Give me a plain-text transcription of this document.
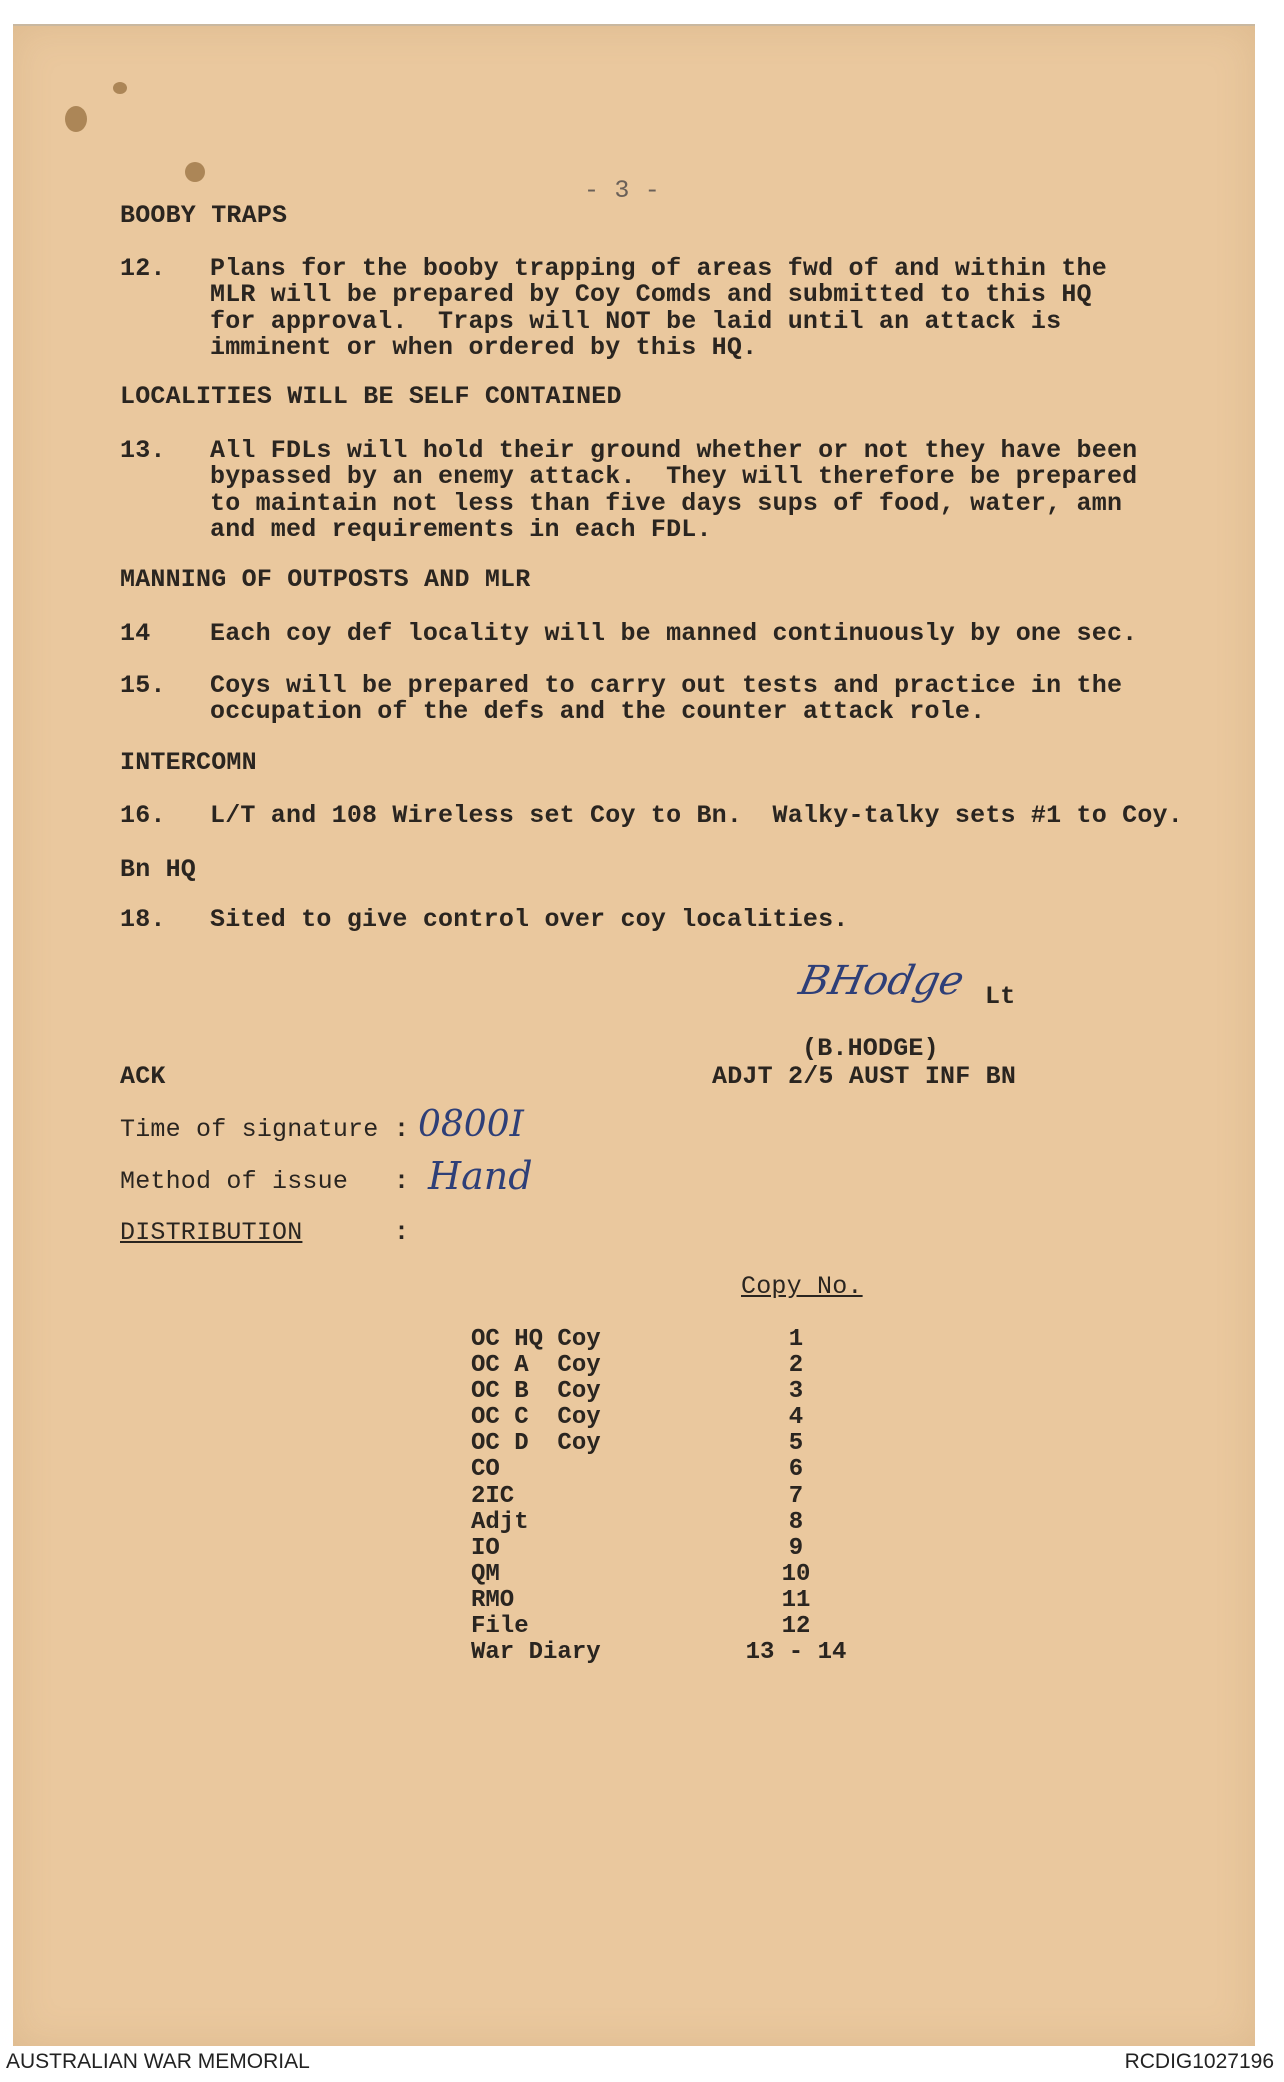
- 3 -
BOOBY TRAPS
12. Plans for the booby trapping of areas fwd of and within the
MLR will be prepared by Coy Comds and submitted to this HQ
for approval.  Traps will NOT be laid until an attack is
imminent or when ordered by this HQ.
LOCALITIES WILL BE SELF CONTAINED
13. All FDLs will hold their ground whether or not they have been
bypassed by an enemy attack.  They will therefore be prepared
to maintain not less than five days sups of food, water, amn
and med requirements in each FDL.
MANNING OF OUTPOSTS AND MLR
14 Each coy def locality will be manned continuously by one sec.
15. Coys will be prepared to carry out tests and practice in the
occupation of the defs and the counter attack role.
INTERCOMN
16. L/T and 108 Wireless set Coy to Bn.  Walky-talky sets #1 to Coy.
Bn HQ
18. Sited to give control over coy localities.
BHodge Lt
(B.HODGE)
ADJT 2/5 AUST INF BN
ACK
Time of signature : 0800I
Method of issue : Hand
DISTRIBUTION	:
Copy No.
OC HQ Coy	1
OC A  Coy	2
OC B  Coy	3
OC C  Coy	4
OC D  Coy	5
CO	6
2IC	7
Adjt	8
IO	9
QM	10
RMO	11
File	12
War Diary	13 - 14
AUSTRALIAN WAR MEMORIAL	RCDIG1027196
